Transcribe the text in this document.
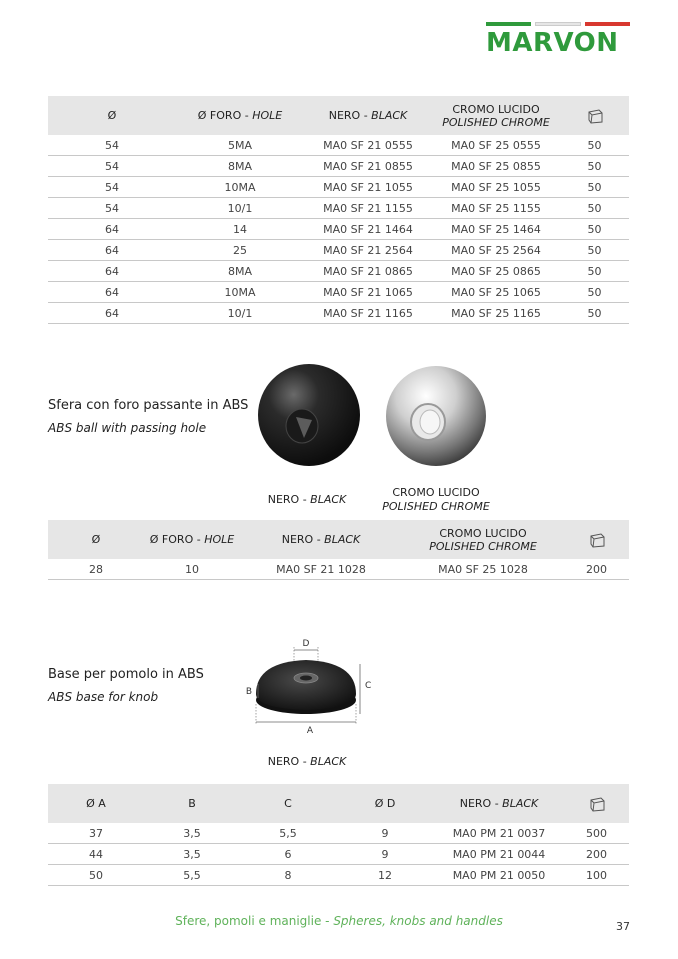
MARVON
Ø	Ø FORO - HOLE	NERO - BLACK	CROMO LUCIDO
POLISHED CHROME

54	5MA	MA0 SF 21 0555	MA0 SF 25 0555	50
54	8MA	MA0 SF 21 0855	MA0 SF 25 0855	50
54	10MA	MA0 SF 21 1055	MA0 SF 25 1055	50
54	10/1	MA0 SF 21 1155	MA0 SF 25 1155	50
64	14	MA0 SF 21 1464	MA0 SF 25 1464	50
64	25	MA0 SF 21 2564	MA0 SF 25 2564	50
64	8MA	MA0 SF 21 0865	MA0 SF 25 0865	50
64	10MA	MA0 SF 21 1065	MA0 SF 25 1065	50
64	10/1	MA0 SF 21 1165	MA0 SF 25 1165	50
Sfera con foro passante in ABS
ABS ball with passing hole
NERO - BLACK
CROMO LUCIDO
POLISHED CHROME
Ø	Ø FORO - HOLE	NERO - BLACK	CROMO LUCIDO
POLISHED CHROME

28	10	MA0 SF 21 1028	MA0 SF 25 1028	200
Base per pomolo in ABS
ABS base for knob
D
B
C
A
NERO - BLACK
Ø A	B	C	Ø D	NERO - BLACK	
37	3,5	5,5	9	MA0 PM 21 0037	500
44	3,5	6	9	MA0 PM 21 0044	200
50	5,5	8	12	MA0 PM 21 0050	100
Sfere, pomoli e maniglie - Spheres, knobs and handles	37
